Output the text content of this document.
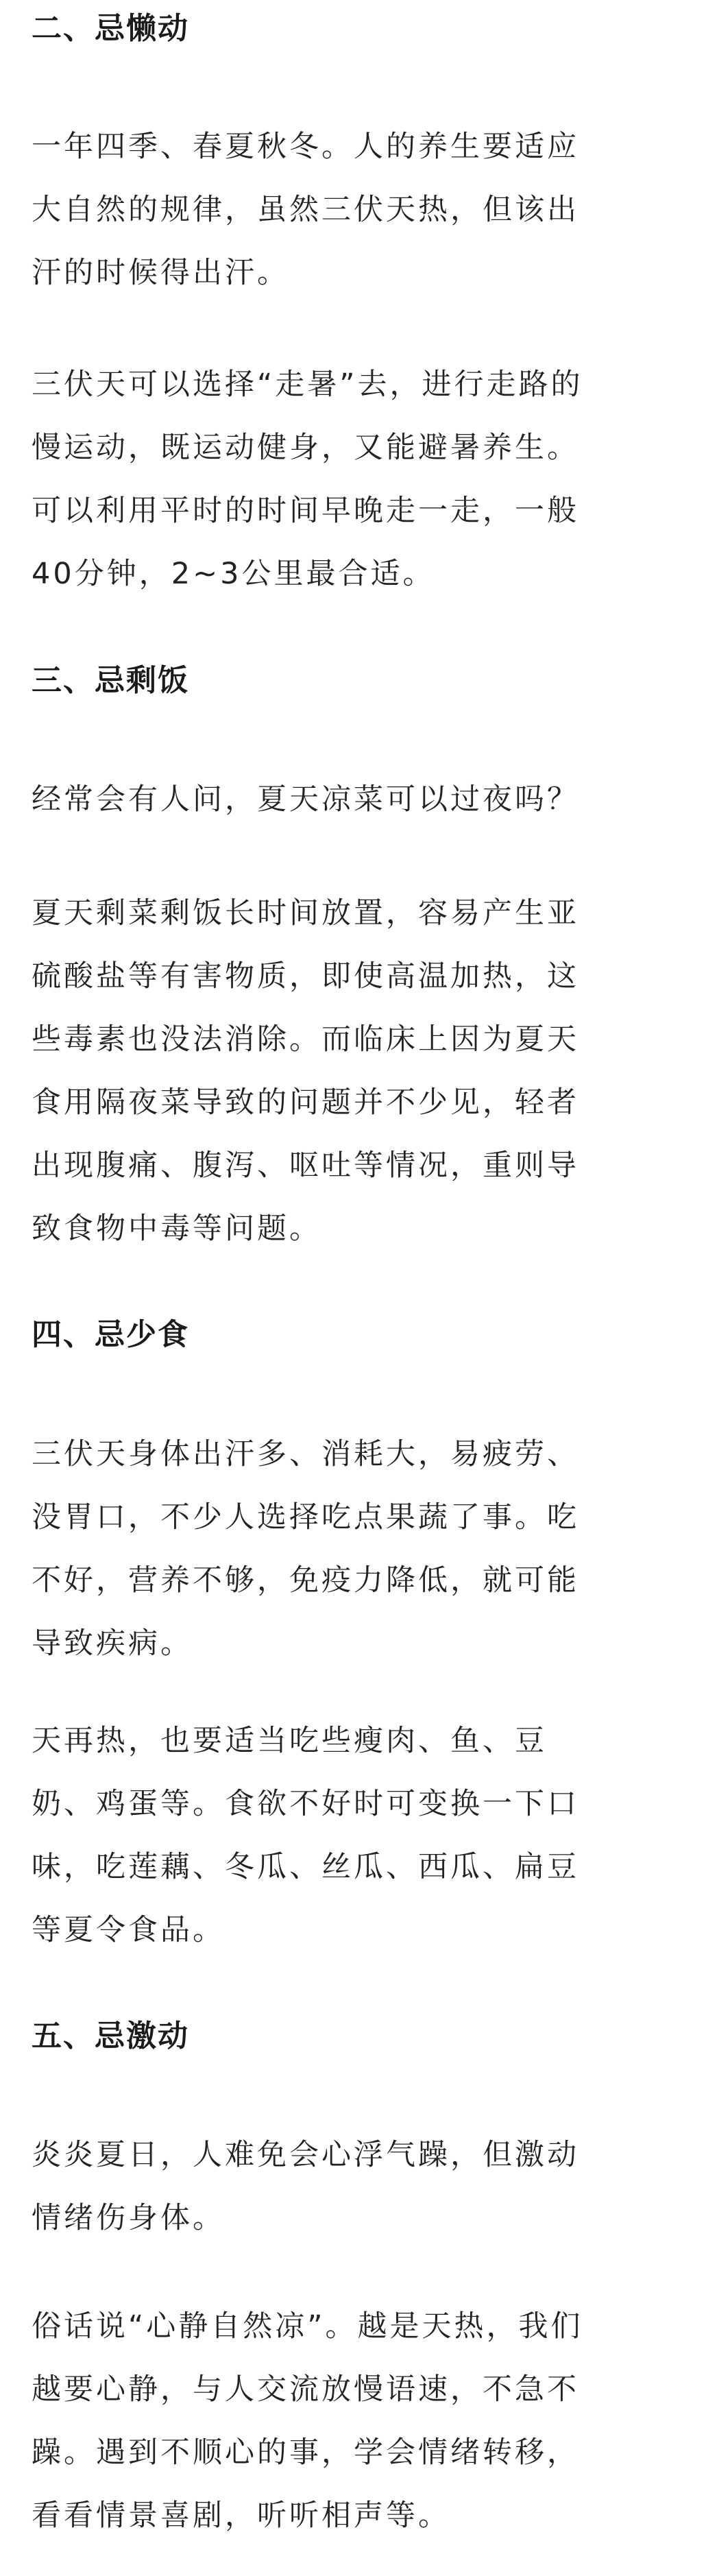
二、忌懒动

一年四季、春夏秋冬。人的养生要适应
大自然的规律，虽然三伏天热，但该出
汗的时候得出汗。

三伏天可以选择“走暑”去，进行走路的
慢运动，既运动健身，又能避暑养生。
可以利用平时的时间早晚走一走，一般
40分钟，2~3公里最合适。

三、忌剩饭

经常会有人问，夏天凉菜可以过夜吗？

夏天剩菜剩饭长时间放置，容易产生亚
硫酸盐等有害物质，即使高温加热，这
些毒素也没法消除。而临床上因为夏天
食用隔夜菜导致的问题并不少见，轻者
出现腹痛、腹泻、呕吐等情况，重则导
致食物中毒等问题。

四、忌少食

三伏天身体出汗多、消耗大，易疲劳、
没胃口，不少人选择吃点果蔬了事。吃
不好，营养不够，免疫力降低，就可能
导致疾病。

天再热，也要适当吃些瘦肉、鱼、豆
奶、鸡蛋等。食欲不好时可变换一下口
味，吃莲藕、冬瓜、丝瓜、西瓜、扁豆
等夏令食品。

五、忌激动

炎炎夏日，人难免会心浮气躁，但激动
情绪伤身体。

俗话说“心静自然凉”。越是天热，我们
越要心静，与人交流放慢语速，不急不
躁。遇到不顺心的事，学会情绪转移，
看看情景喜剧，听听相声等。
